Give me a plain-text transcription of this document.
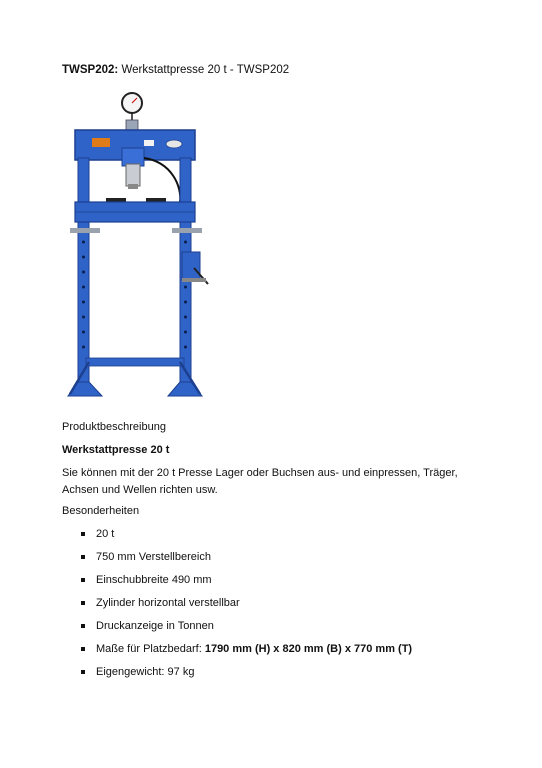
TWSP202: Werkstattpresse 20 t - TWSP202
Produktbeschreibung
Werkstattpresse 20 t
Sie können mit der 20 t Presse Lager oder Buchsen aus- und einpressen, Träger, Achsen und Wellen richten usw.
Besonderheiten
20 t
750 mm Verstellbereich
Einschubbreite 490 mm
Zylinder horizontal verstellbar
Druckanzeige in Tonnen
Maße für Platzbedarf: 1790 mm (H) x 820 mm (B) x 770 mm (T)
Eigengewicht: 97 kg
